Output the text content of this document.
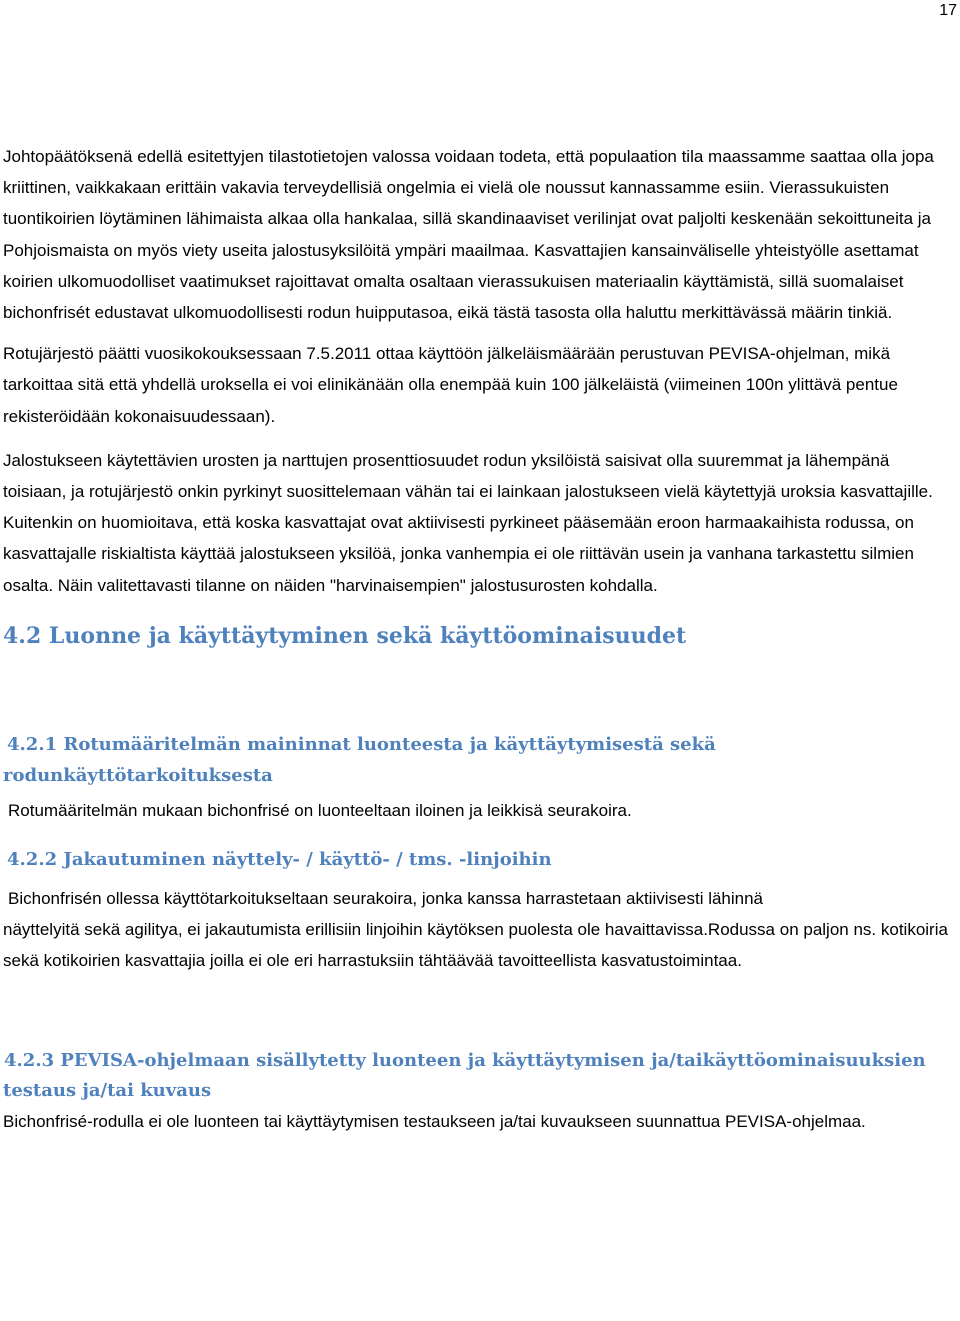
17

Johtopäätöksenä edellä esitettyjen tilastotietojen valossa voidaan todeta, että populaation tila maassamme saattaa olla jopa kriittinen, vaikkakaan erittäin vakavia terveydellisiä ongelmia ei vielä ole noussut kannassamme esiin. Vierassukuisten tuontikoirien löytäminen lähimaista alkaa olla hankalaa, sillä skandinaaviset verilinjat ovat paljolti keskenään sekoittuneita ja Pohjoismaista on myös viety useita jalostusyksilöitä ympäri maailmaa. Kasvattajien kansainväliselle yhteistyölle asettamat koirien ulkomuodolliset vaatimukset rajoittavat omalta osaltaan vierassukuisen materiaalin käyttämistä, sillä suomalaiset bichonfrisét edustavat ulkomuodollisesti rodun huipputasoa, eikä tästä tasosta olla haluttu merkittävässä määrin tinkiä.

Rotujärjestö päätti vuosikokouksessaan 7.5.2011 ottaa käyttöön jälkeläismäärään perustuvan PEVISA-ohjelman, mikä tarkoittaa sitä että yhdellä uroksella ei voi elinikänään olla enempää kuin 100 jälkeläistä (viimeinen 100n ylittävä pentue rekisteröidään kokonaisuudessaan).

Jalostukseen käytettävien urosten ja narttujen prosenttiosuudet rodun yksilöistä saisivat olla suuremmat ja lähempänä toisiaan, ja rotujärjestö onkin pyrkinyt suosittelemaan vähän tai ei lainkaan jalostukseen vielä käytettyjä uroksia kasvattajille. Kuitenkin on huomioitava, että koska kasvattajat ovat aktiivisesti pyrkineet pääsemään eroon harmaakaihista rodussa, on kasvattajalle riskialtista käyttää jalostukseen yksilöä, jonka vanhempia ei ole riittävän usein ja vanhana tarkastettu silmien osalta. Näin valitettavasti tilanne on näiden "harvinaisempien" jalostusurosten kohdalla.

4.2 Luonne ja käyttäytyminen sekä käyttöominaisuudet
4.2.1 Rotumääritelmän maininnat luonteesta ja käyttäytymisestä sekä
rodunkäyttötarkoituksesta

Rotumääritelmän mukaan bichonfrisé on luonteeltaan iloinen ja leikkisä seurakoira.

4.2.2 Jakautuminen näyttely- / käyttö- / tms. -linjoihin

Bichonfrisén ollessa käyttötarkoitukseltaan seurakoira, jonka kanssa harrastetaan aktiivisesti lähinnä
näyttelyitä sekä agilitya, ei jakautumista erillisiin linjoihin käytöksen puolesta ole havaittavissa.Rodussa on paljon ns. kotikoiria sekä kotikoirien kasvattajia joilla ei ole eri harrastuksiin tähtäävää tavoitteellista kasvatustoimintaa.

4.2.3 PEVISA-ohjelmaan sisällytetty luonteen ja käyttäytymisen ja/taikäyttöominaisuuksien
testaus ja/tai kuvaus

Bichonfrisé-rodulla ei ole luonteen tai käyttäytymisen testaukseen ja/tai kuvaukseen suunnattua PEVISA-ohjelmaa.
